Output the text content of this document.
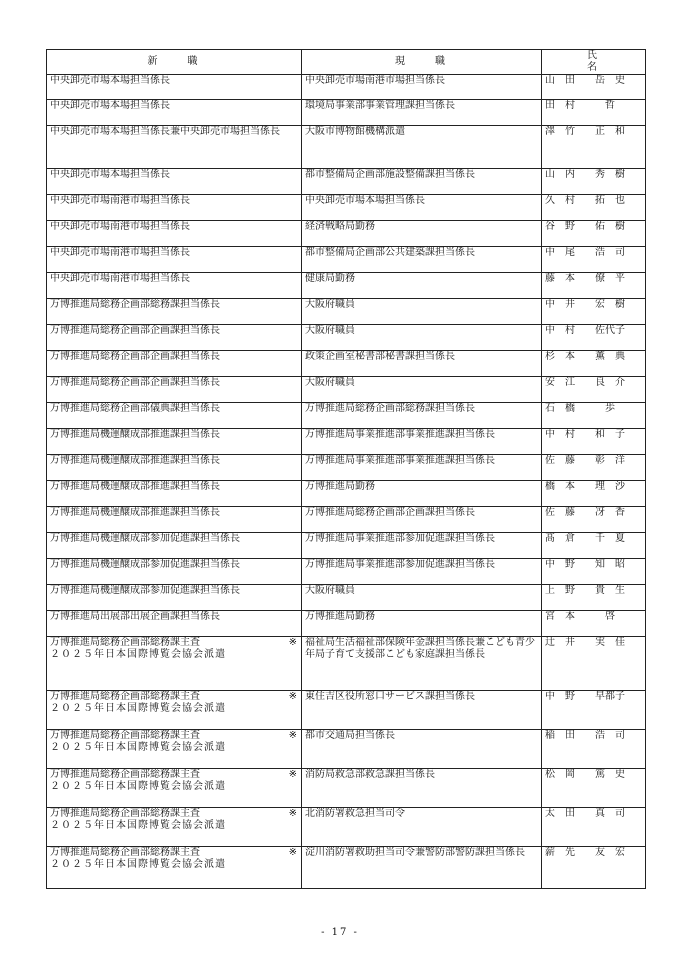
新職	現職	氏名
中央卸売市場本場担当係長	中央卸売市場南港市場担当係長	山　田　　岳　史
中央卸売市場本場担当係長	環境局事業部事業管理課担当係長	田　村　　　哲
中央卸売市場本場担当係長兼中央卸売市場担当係長	大阪市博物館機構派遣	澤　竹　　正　和
中央卸売市場本場担当係長	都市整備局企画部施設整備課担当係長	山　内　　秀　樹
中央卸売市場南港市場担当係長	中央卸売市場本場担当係長	久　村　　拓　也
中央卸売市場南港市場担当係長	経済戦略局勤務	谷　野　　佑　樹
中央卸売市場南港市場担当係長	都市整備局企画部公共建築課担当係長	中　尾　　浩　司
中央卸売市場南港市場担当係長	健康局勤務	藤　本　　僚　平
万博推進局総務企画部総務課担当係長	大阪府職員	中　井　　宏　樹
万博推進局総務企画部企画課担当係長	大阪府職員	中　村　　佐代子
万博推進局総務企画部企画課担当係長	政策企画室秘書部秘書課担当係長	杉　本　　薫　典
万博推進局総務企画部企画課担当係長	大阪府職員	安　江　　良　介
万博推進局総務企画部儀典課担当係長	万博推進局総務企画部総務課担当係長	石　橋　　　歩
万博推進局機運醸成部推進課担当係長	万博推進局事業推進部事業推進課担当係長	中　村　　和　子
万博推進局機運醸成部推進課担当係長	万博推進局事業推進部事業推進課担当係長	佐　藤　　彰　洋
万博推進局機運醸成部推進課担当係長	万博推進局勤務	橋　本　　理　沙
万博推進局機運醸成部推進課担当係長	万博推進局総務企画部企画課担当係長	佐　藤　　冴　香
万博推進局機運醸成部参加促進課担当係長	万博推進局事業推進部参加促進課担当係長	髙　倉　　千　夏
万博推進局機運醸成部参加促進課担当係長	万博推進局事業推進部参加促進課担当係長	中　野　　知　昭
万博推進局機運醸成部参加促進課担当係長	大阪府職員	上　野　　貴　生
万博推進局出展部出展企画課担当係長	万博推進局勤務	宮　本　　　啓
万博推進局総務企画部総務課主査 ※
２０２５年日本国際博覧会協会派遣	福祉局生活福祉部保険年金課担当係長兼こども青少年局子育て支援部こども家庭課担当係長	辻　井　　実　佳
万博推進局総務企画部総務課主査 ※
２０２５年日本国際博覧会協会派遣	東住吉区役所窓口サービス課担当係長	中　野　　早都子
万博推進局総務企画部総務課主査 ※
２０２５年日本国際博覧会協会派遣	都市交通局担当係長	稲　田　　浩　司
万博推進局総務企画部総務課主査 ※
２０２５年日本国際博覧会協会派遣	消防局救急部救急課担当係長	松　岡　　篤　史
万博推進局総務企画部総務課主査 ※
２０２５年日本国際博覧会協会派遣	北消防署救急担当司令	太　田　　真　司
万博推進局総務企画部総務課主査 ※
２０２５年日本国際博覧会協会派遣	淀川消防署救助担当司令兼警防部警防課担当係長	薪　先　　友　宏
- 17 -
